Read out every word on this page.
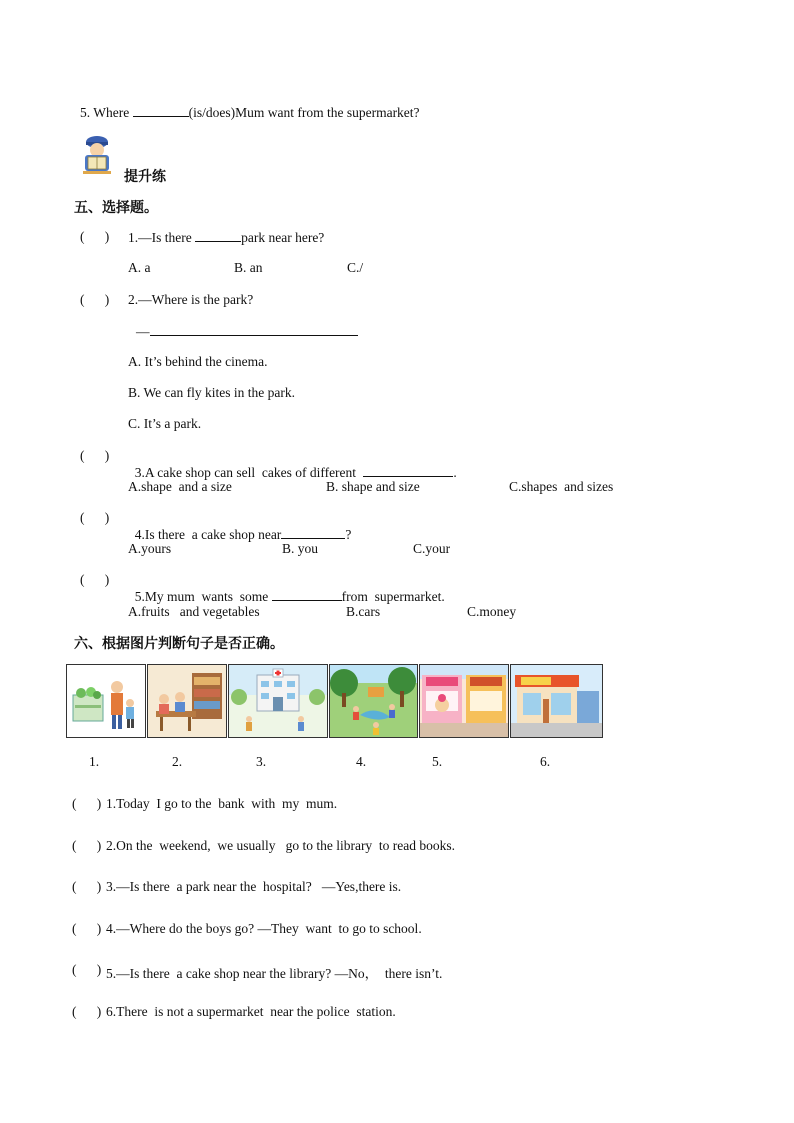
5. Where	(is/does)Mum want from the supermarket?
提升练
五、选择题。
(      ) 1.—Is there	park near here?
A. a	B. an	C./
(      ) 2.—Where is the park?
—
A. It’s behind the cinema.
B. We can fly kites in the park.
C. It’s a park.
(      )

3.A cake shop can sell  cakes of different	.

A.shape  and a size	B. shape and size	C.shapes  and sizes
(      )

4.Is there  a cake shop near	?

A.yours	B. you	C.your
(      )

5.My mum  wants  some	from  supermarket.

A.fruits   and vegetables	B.cars	C.money
六、根据图片判断句子是否正确。
1.	2.	3.	4.	5.	6.
(      ) 1.Today  I go to the  bank  with  my  mum.
(      ) 2.On the  weekend,  we usually   go to the library  to read books.
(      ) 3.—Is there  a park near the  hospital?   —Yes,there is.
(      ) 4.—Where do the boys go? —They  want  to go to school.
(      ) 5.—Is there  a cake shop near the library? —No，  there isn’t.
(      ) 6.There  is not a supermarket  near the police  station.
